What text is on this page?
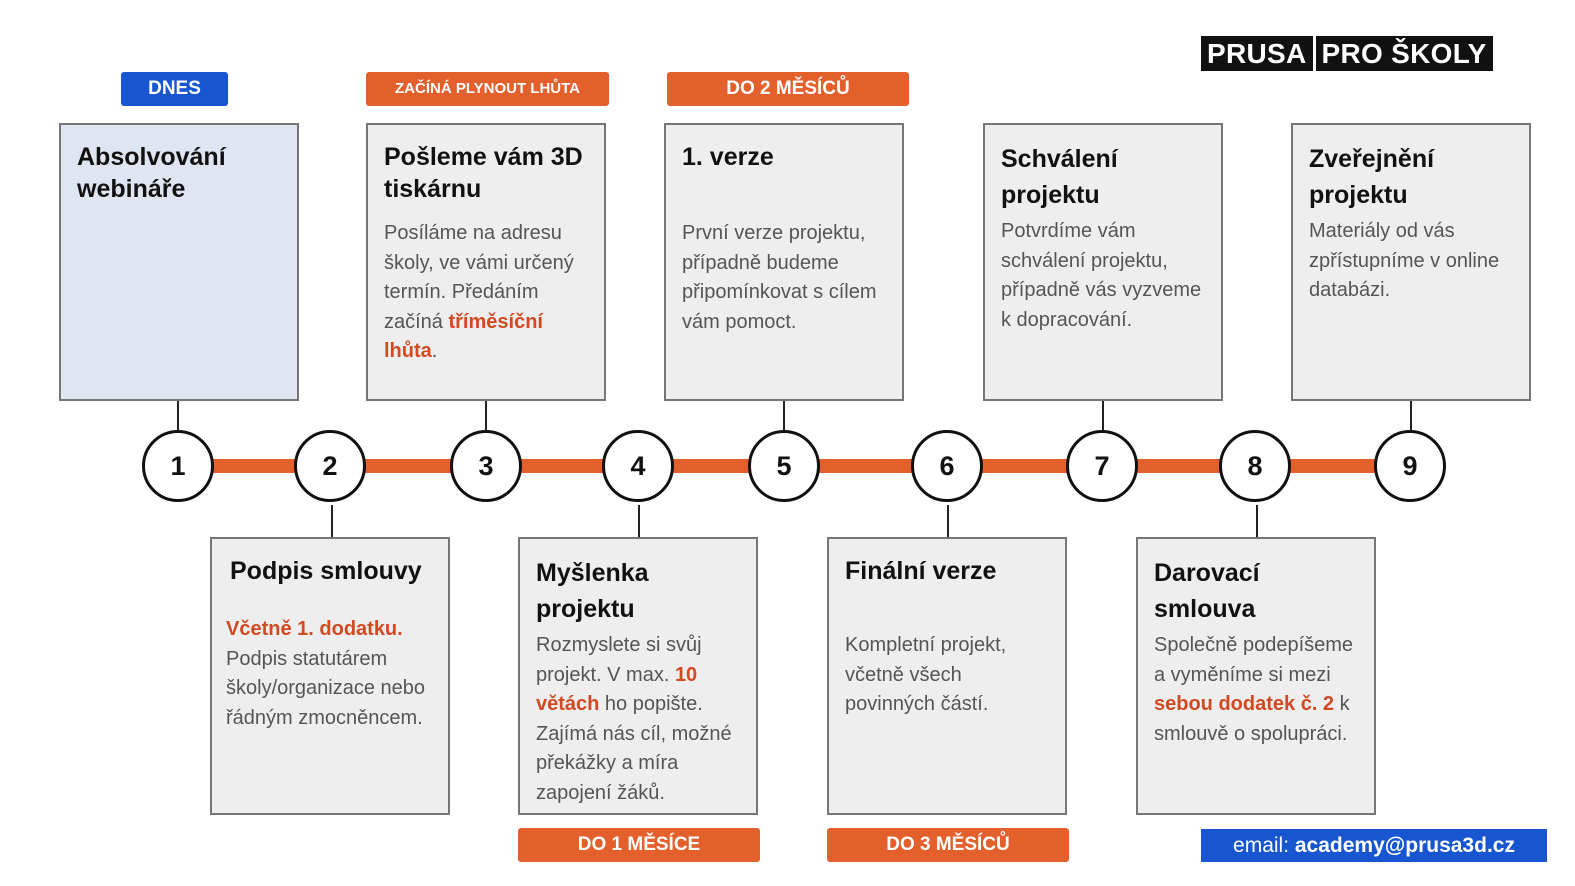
PRUSA PRO ŠKOLY
DNES	ZAČÍNÁ PLYNOUT LHŮTA	DO 2 MĚSÍCŮ
DO 1 MĚSÍCE	DO 3 MĚSÍCŮ
1	2	3	4	5	6	7	8	9
Absolvování webináře
Pošleme vám 3D tiskárnu

Posíláme na adresu školy, ve vámi určený termín. Předáním začíná tříměsíční lhůta.

1. verze

První verze projektu, případně budeme připomínkovat s cílem vám pomoct.

Schválení projektu

Potvrdíme vám schválení projektu, případně vás vyzveme k dopracování.

Zveřejnění projektu

Materiály od vás zpřístupníme v online databázi.

Podpis smlouvy

Včetně 1. dodatku.
Podpis statutárem školy/organizace nebo řádným zmocněncem.

Myšlenka projektu

Rozmyslete si svůj projekt. V max. 10 větách ho popište. Zajímá nás cíl, možné překážky a míra zapojení žáků.

Finální verze

Kompletní projekt, včetně všech povinných částí.

Darovací smlouva

Společně podepíšeme a vyměníme si mezi sebou dodatek č. 2 k smlouvě o spolupráci.

email: academy@prusa3d.cz
